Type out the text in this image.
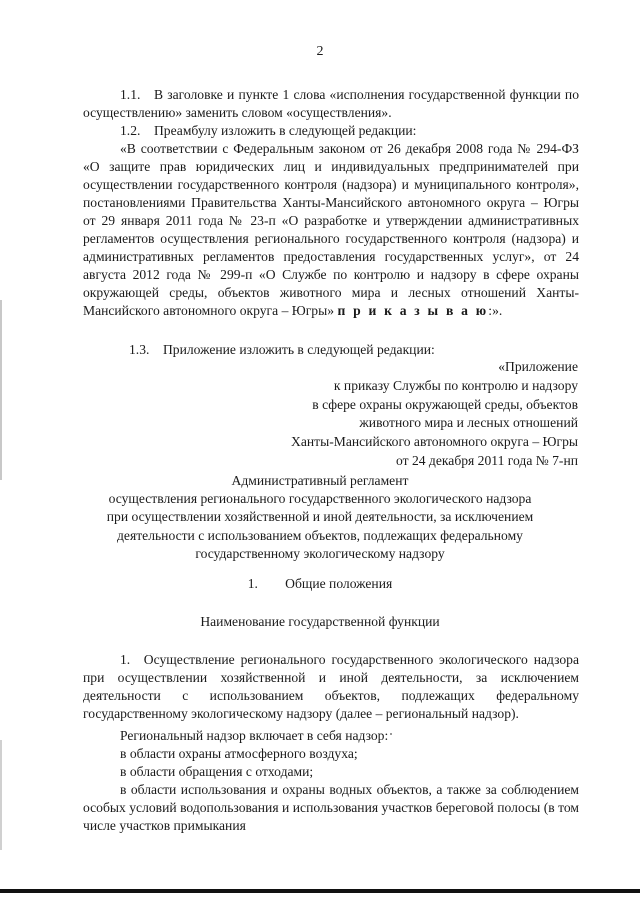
2
1.1. В заголовке и пункте 1 слова «исполнения государственной функции по осуществлению» заменить словом «осуществления».
1.2. Преамбулу изложить в следующей редакции:
«В соответствии с Федеральным законом от 26 декабря 2008 года № 294-ФЗ «О защите прав юридических лиц и индивидуальных предпринимателей при осуществлении государственного контроля (надзора) и муниципального контроля», постановлениями Правительства Ханты-Мансийского автономного округа – Югры от 29 января 2011 года № 23-п «О разработке и утверждении административных регламентов осуществления регионального государственного контроля (надзора) и административных регламентов предоставления государственных услуг», от 24 августа 2012 года № 299-п «О Службе по контролю и надзору в сфере охраны окружающей среды, объектов животного мира и лесных отношений Ханты-Мансийского автономного округа – Югры» п р и к а з ы в а ю:».
1.3. Приложение изложить в следующей редакции:
«Приложение
к приказу Службы по контролю и надзору
в сфере охраны окружающей среды, объектов
животного мира и лесных отношений
Ханты-Мансийского автономного округа – Югры
от 24 декабря 2011 года № 7-нп
Административный регламент
осуществления регионального государственного экологического надзора
при осуществлении хозяйственной и иной деятельности, за исключением
деятельности с использованием объектов, подлежащих федеральному
государственному экологическому надзору
1.  Общие положения
Наименование государственной функции
1. Осуществление регионального государственного экологического надзора при осуществлении хозяйственной и иной деятельности, за исключением деятельности с использованием объектов, подлежащих федеральному государственному экологическому надзору (далее – региональный надзор).
Региональный надзор включает в себя надзор:
в области охраны атмосферного воздуха;
в области обращения с отходами;
в области использования и охраны водных объектов, а также за соблюдением особых условий водопользования и использования участков береговой полосы (в том числе участков примыкания
